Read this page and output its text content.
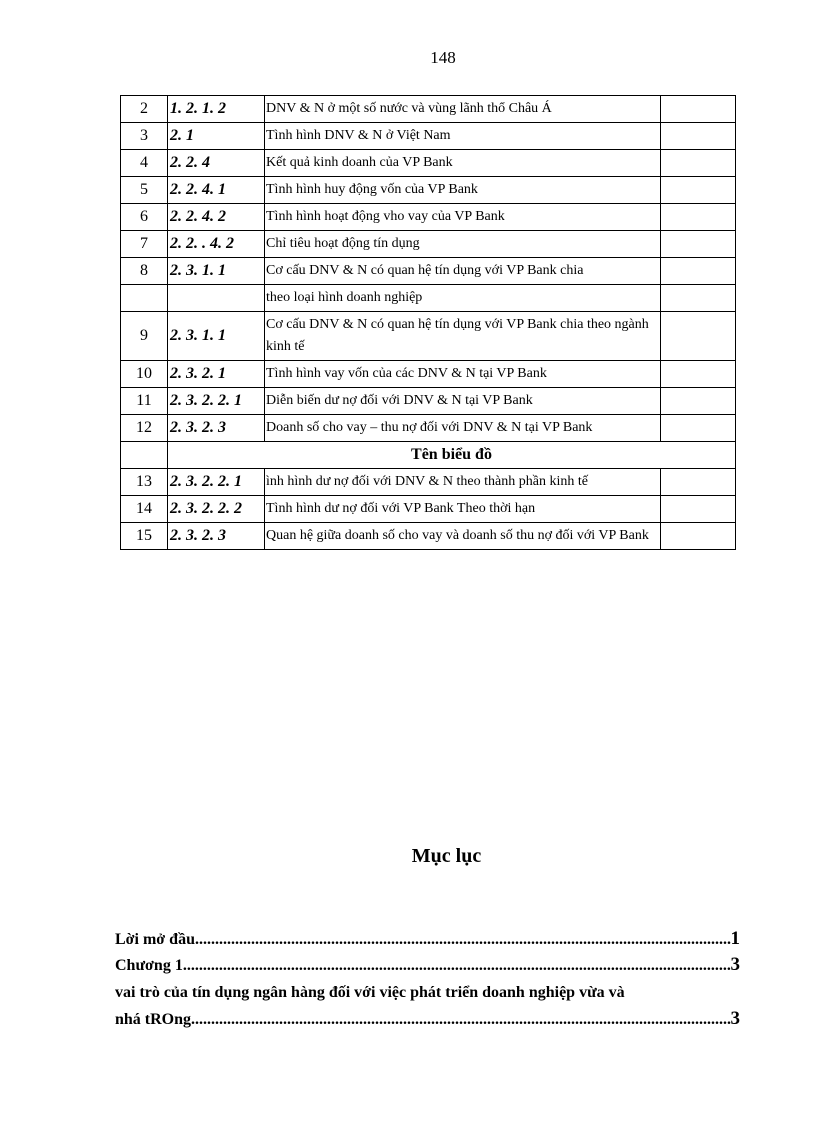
148
2	1. 2. 1. 2	DNV & N ở một số nước và vùng lãnh thổ Châu Á	
3	2. 1	Tình hình DNV & N ở Việt Nam	
4	2. 2. 4	Kết quả kinh doanh của VP Bank	
5	2. 2. 4. 1	Tình hình huy động vốn của VP Bank	
6	2. 2. 4. 2	Tình hình hoạt động vho vay của VP Bank	
7	2. 2. . 4. 2	Chỉ tiêu hoạt động tín dụng	
8	2. 3. 1. 1	Cơ cấu DNV & N có quan hệ tín dụng với VP Bank chia	
		theo loại hình doanh nghiệp	
9	2. 3. 1. 1	Cơ cấu DNV & N có quan hệ tín dụng với VP Bank chia theo ngành kinh tế	
10	2. 3. 2. 1	Tình hình vay vốn của các DNV & N tại VP Bank	
11	2. 3. 2. 2. 1	Diễn biến dư nợ đối với DNV & N tại VP Bank	
12	2. 3. 2. 3	Doanh số cho vay – thu nợ đối với DNV & N tại VP Bank	
	Tên biểu đồ		
13	2. 3. 2. 2. 1	ình hình dư nợ đối với DNV & N theo thành phần kinh tế	
14	2. 3. 2. 2. 2	Tình hình dư nợ đối với VP Bank Theo thời hạn	
15	2. 3. 2. 3	Quan hệ giữa doanh số cho vay và doanh số thu nợ đối với VP Bank	
Mục lục
Lời mở đầu .....	1
Chương 1 .....	3
vai trò của tín dụng ngân hàng đối với việc phát triển doanh nghiệp vừa và
nhá tROng .....	3
